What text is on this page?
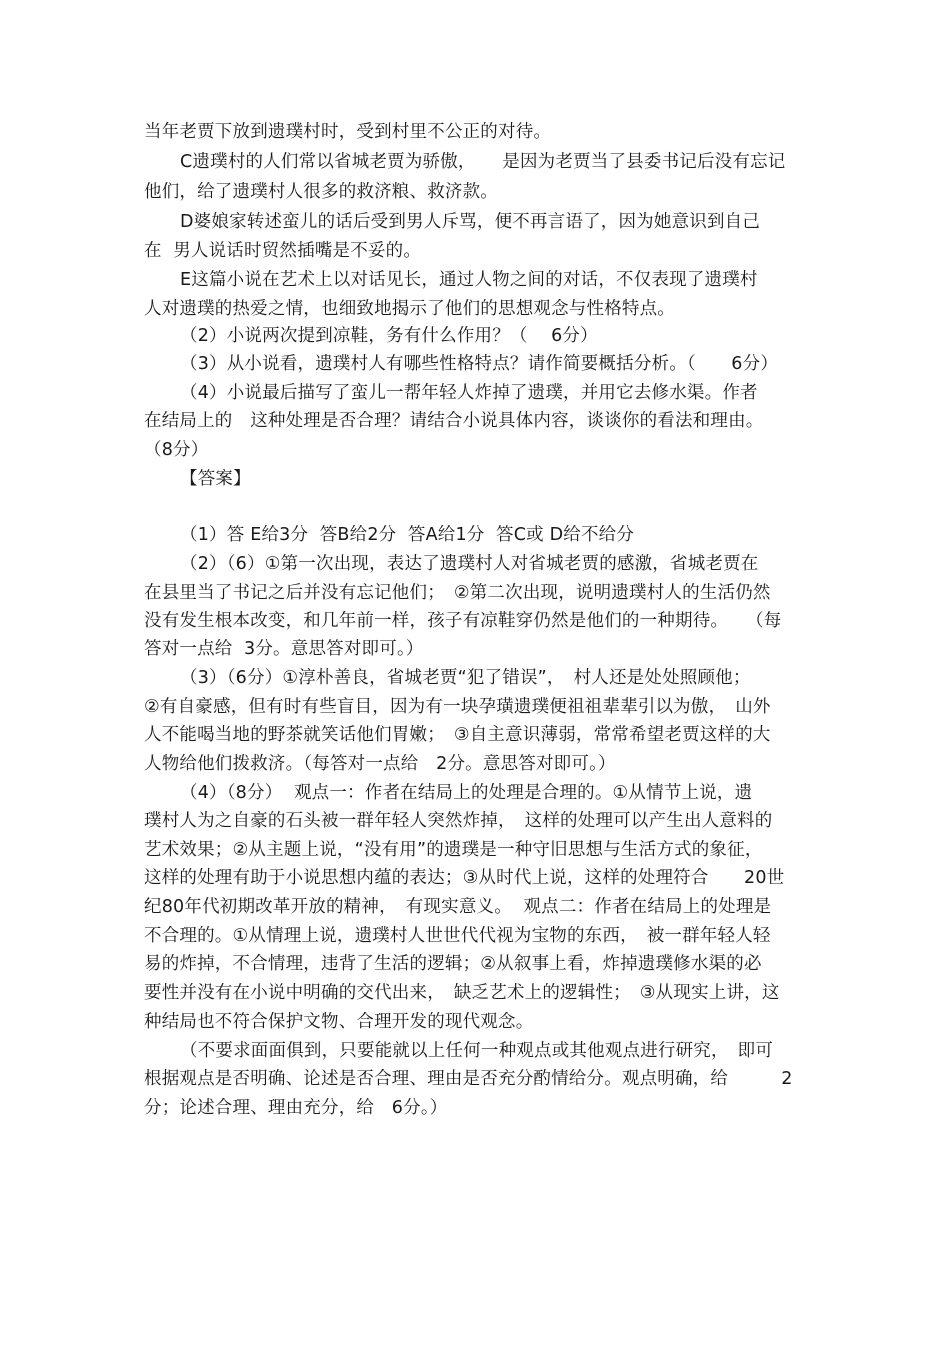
当年老贾下放到遗璞村时，受到村里不公正的对待。
C遗璞村的人们常以省城老贾为骄傲，　　是因为老贾当了县委书记后没有忘记
他们，给了遗璞村人很多的救济粮、救济款。
D婆娘家转述蛮儿的话后受到男人斥骂，便不再言语了，因为她意识到自己
在  男人说话时贸然插嘴是不妥的。
E这篇小说在艺术上以对话见长，通过人物之间的对话，不仅表现了遗璞村
人对遗璞的热爱之情，也细致地揭示了他们的思想观念与性格特点。
（2）小说两次提到凉鞋，务有什么作用？（　 6分）
（3）从小说看，遗璞村人有哪些性格特点？请作简要概括分析。（　　6分）
（4）小说最后描写了蛮儿一帮年轻人炸掉了遗璞，并用它去修水渠。作者
在结局上的　这种处理是否合理？请结合小说具体内容，谈谈你的看法和理由。
（8分）
【答案】
（1）答 E给3分  答B给2分  答A给1分  答C或 D给不给分
（2）（6）①第一次出现，表达了遗璞村人对省城老贾的感激，省城老贾在
在县里当了书记之后并没有忘记他们；　②第二次出现，说明遗璞村人的生活仍然
没有发生根本改变，和几年前一样，孩子有凉鞋穿仍然是他们的一种期待。　　（每
答对一点给  3分。意思答对即可。）
（3）（6分）①淳朴善良，省城老贾“犯了错误”，　村人还是处处照顾他；
②有自豪感，但有时有些盲目，因为有一块孕璜遗璞便祖祖辈辈引以为傲，　山外
人不能喝当地的野茶就笑话他们胃嫩；　③自主意识薄弱，常常希望老贾这样的大
人物给他们拨救济。（每答对一点给　2分。意思答对即可。）
（4）（8分）  观点一：作者在结局上的处理是合理的。①从情节上说，遗
璞村人为之自豪的石头被一群年轻人突然炸掉，　这样的处理可以产生出人意料的
艺术效果；②从主题上说，“没有用”的遗璞是一种守旧思想与生活方式的象征，
这样的处理有助于小说思想内蕴的表达；③从时代上说，这样的处理符合　　20世
纪80年代初期改革开放的精神，　有现实意义。  观点二：作者在结局上的处理是
不合理的。①从情理上说，遗璞村人世世代代视为宝物的东西，　被一群年轻人轻
易的炸掉，不合情理，违背了生活的逻辑；②从叙事上看，炸掉遗璞修水渠的必
要性并没有在小说中明确的交代出来，　缺乏艺术上的逻辑性；　③从现实上讲，这
种结局也不符合保护文物、合理开发的现代观念。
（不要求面面俱到，只要能就以上任何一种观点或其他观点进行研究，　即可
根据观点是否明确、论述是否合理、理由是否充分酌情给分。观点明确，给　　　2
分；论述合理、理由充分，给　6分。）
